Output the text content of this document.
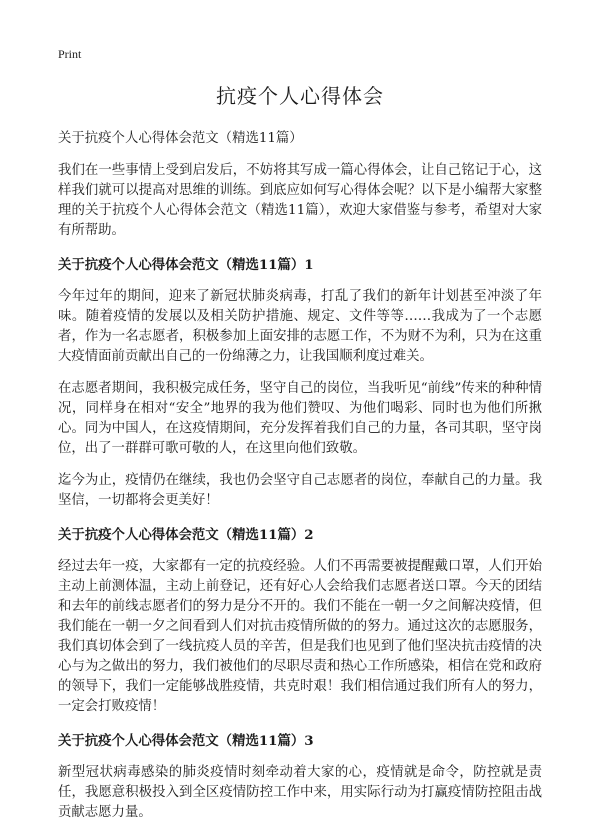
Print
抗疫个人心得体会
关于抗疫个人心得体会范文（精选11篇）

我们在一些事情上受到启发后，不妨将其写成一篇心得体会，让自己铭记于心，这样我们就可以提高对思维的训练。到底应如何写心得体会呢？以下是小编帮大家整理的关于抗疫个人心得体会范文（精选11篇），欢迎大家借鉴与参考，希望对大家有所帮助。

关于抗疫个人心得体会范文（精选11篇）1

今年过年的期间，迎来了新冠状肺炎病毒，打乱了我们的新年计划甚至冲淡了年味。随着疫情的发展以及相关防护措施、规定、文件等等……我成为了一个志愿者，作为一名志愿者，积极参加上面安排的志愿工作，不为财不为利，只为在这重大疫情面前贡献出自己的一份绵薄之力，让我国顺利度过难关。

在志愿者期间，我积极完成任务，坚守自己的岗位，当我听见“前线”传来的种种情况，同样身在相对“安全”地界的我为他们赞叹、为他们喝彩、同时也为他们所揪心。同为中国人，在这疫情期间，充分发挥着我们自己的力量，各司其职，坚守岗位，出了一群群可歌可敬的人，在这里向他们致敬。

迄今为止，疫情仍在继续，我也仍会坚守自己志愿者的岗位，奉献自己的力量。我坚信，一切都将会更美好！

关于抗疫个人心得体会范文（精选11篇）2

经过去年一疫，大家都有一定的抗疫经验。人们不再需要被提醒戴口罩，人们开始主动上前测体温，主动上前登记，还有好心人会给我们志愿者送口罩。今天的团结和去年的前线志愿者们的努力是分不开的。我们不能在一朝一夕之间解决疫情，但我们能在一朝一夕之间看到人们对抗击疫情所做的的努力。通过这次的志愿服务，我们真切体会到了一线抗疫人员的辛苦，但是我们也见到了他们坚决抗击疫情的决心与为之做出的努力，我们被他们的尽职尽责和热心工作所感染，相信在党和政府的领导下，我们一定能够战胜疫情，共克时艰！我们相信通过我们所有人的努力，一定会打败疫情！

关于抗疫个人心得体会范文（精选11篇）3

新型冠状病毒感染的肺炎疫情时刻牵动着大家的心，疫情就是命令，防控就是责任，我愿意积极投入到全区疫情防控工作中来，用实际行动为打赢疫情防控阻击战贡献志愿力量。
